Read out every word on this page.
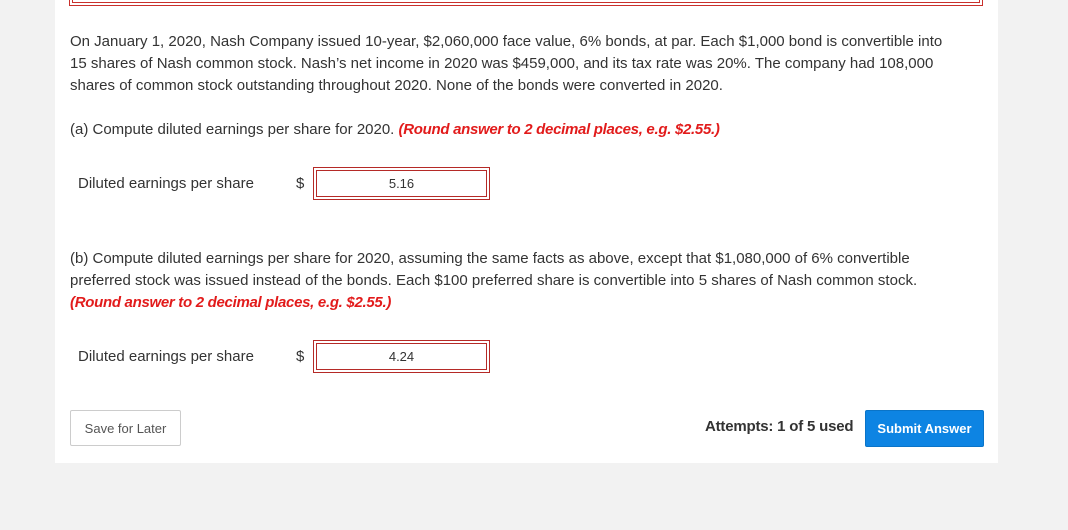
On January 1, 2020, Nash Company issued 10-year, $2,060,000 face value, 6% bonds, at par. Each $1,000 bond is convertible into 15 shares of Nash common stock. Nash’s net income in 2020 was $459,000, and its tax rate was 20%. The company had 108,000 shares of common stock outstanding throughout 2020. None of the bonds were converted in 2020.

(a) Compute diluted earnings per share for 2020. (Round answer to 2 decimal places, e.g. $2.55.)

Diluted earnings per share	$
5.16

(b) Compute diluted earnings per share for 2020, assuming the same facts as above, except that $1,080,000 of 6% convertible preferred stock was issued instead of the bonds. Each $100 preferred share is convertible into 5 shares of Nash common stock. (Round answer to 2 decimal places, e.g. $2.55.)

Diluted earnings per share	$
4.24
Save for Later	Attempts: 1 of 5 used	Submit Answer
